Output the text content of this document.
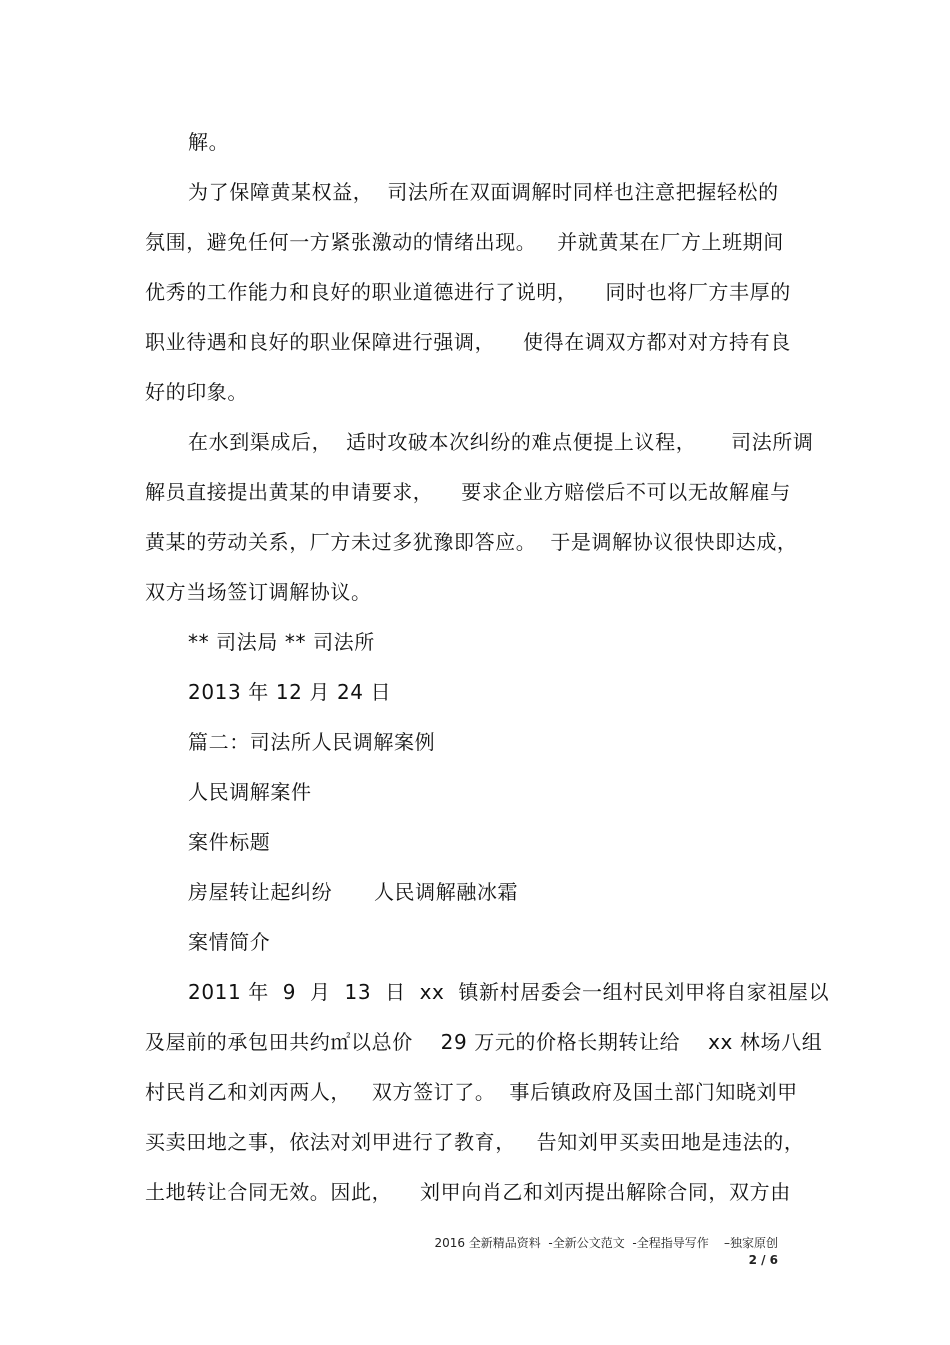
解。
为了保障黄某权益，  司法所在双面调解时同样也注意把握轻松的
氛围，避免任何一方紧张激动的情绪出现。   并就黄某在厂方上班期间
优秀的工作能力和良好的职业道德进行了说明，    同时也将厂方丰厚的
职业待遇和良好的职业保障进行强调，    使得在调双方都对对方持有良
好的印象。
在水到渠成后，  适时攻破本次纠纷的难点便提上议程，     司法所调
解员直接提出黄某的申请要求，    要求企业方赔偿后不可以无故解雇与
黄某的劳动关系，厂方未过多犹豫即答应。  于是调解协议很快即达成，
双方当场签订调解协议。
** 司法局 ** 司法所
2013 年 12 月 24 日
篇二：司法所人民调解案例
人民调解案件
案件标题
房屋转让起纠纷      人民调解融冰霜
案情简介
2011 年  9  月  13  日  xx  镇新村居委会一组村民刘甲将自家祖屋以
及屋前的承包田共约㎡以总价    29 万元的价格长期转让给    xx 林场八组
村民肖乙和刘丙两人，   双方签订了。  事后镇政府及国土部门知晓刘甲
买卖田地之事，依法对刘甲进行了教育，   告知刘甲买卖田地是违法的，
土地转让合同无效。因此，    刘甲向肖乙和刘丙提出解除合同，双方由
2016 全新精品资料  -全新公文范文  -全程指导写作    –独家原创
2 / 6
